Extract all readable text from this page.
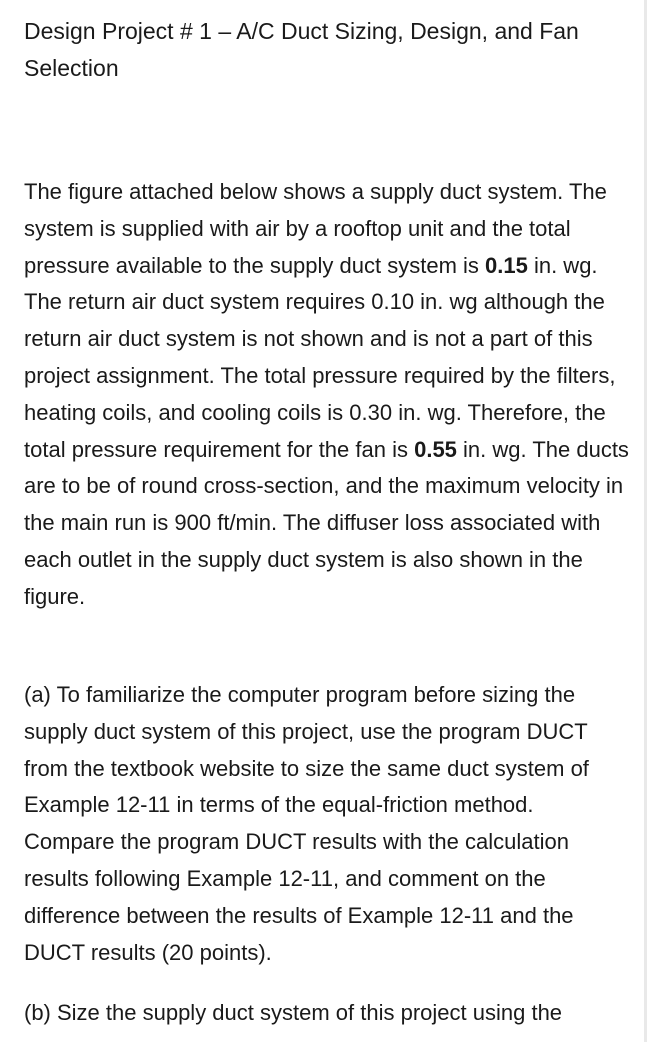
Design Project # 1 – A/C Duct Sizing, Design, and Fan Selection

The figure attached below shows a supply duct system. The system is supplied with air by a rooftop unit and the total pressure available to the supply duct system is 0.15 in. wg. The return air duct system requires 0.10 in. wg although the return air duct system is not shown and is not a part of this project assignment. The total pressure required by the filters, heating coils, and cooling coils is 0.30 in. wg. Therefore, the total pressure requirement for the fan is 0.55 in. wg. The ducts are to be of round cross-section, and the maximum velocity in the main run is 900 ft/min. The diffuser loss associated with each outlet in the supply duct system is also shown in the figure.

(a) To familiarize the computer program before sizing the supply duct system of this project, use the program DUCT from the textbook website to size the same duct system of Example 12-11 in terms of the equal-friction method. Compare the program DUCT results with the calculation results following Example 12-11, and comment on the difference between the results of Example 12-11 and the DUCT results (20 points).

(b) Size the supply duct system of this project using the
